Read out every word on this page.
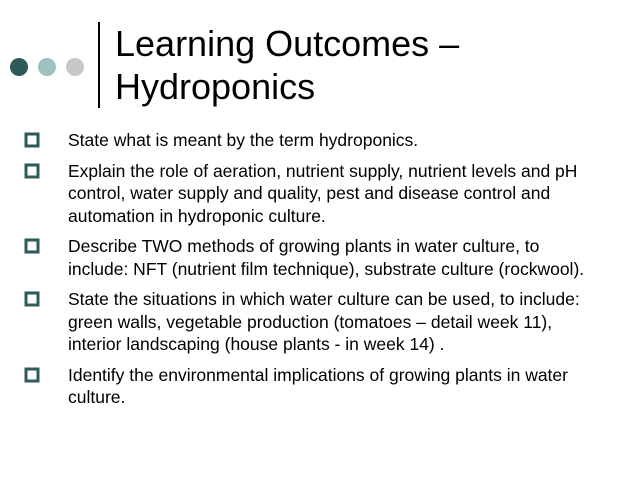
Learning Outcomes –
Hydroponics
State what is meant by the term hydroponics.
Explain the role of aeration, nutrient supply, nutrient levels and pH control, water supply and quality, pest and disease control and automation in hydroponic culture.
Describe TWO methods of growing plants in water culture, to include: NFT (nutrient film technique), substrate culture (rockwool).
State the situations in which water culture can be used, to include: green walls, vegetable production (tomatoes – detail week 11), interior landscaping (house plants - in week 14) .
Identify the environmental implications of growing plants in water culture.
